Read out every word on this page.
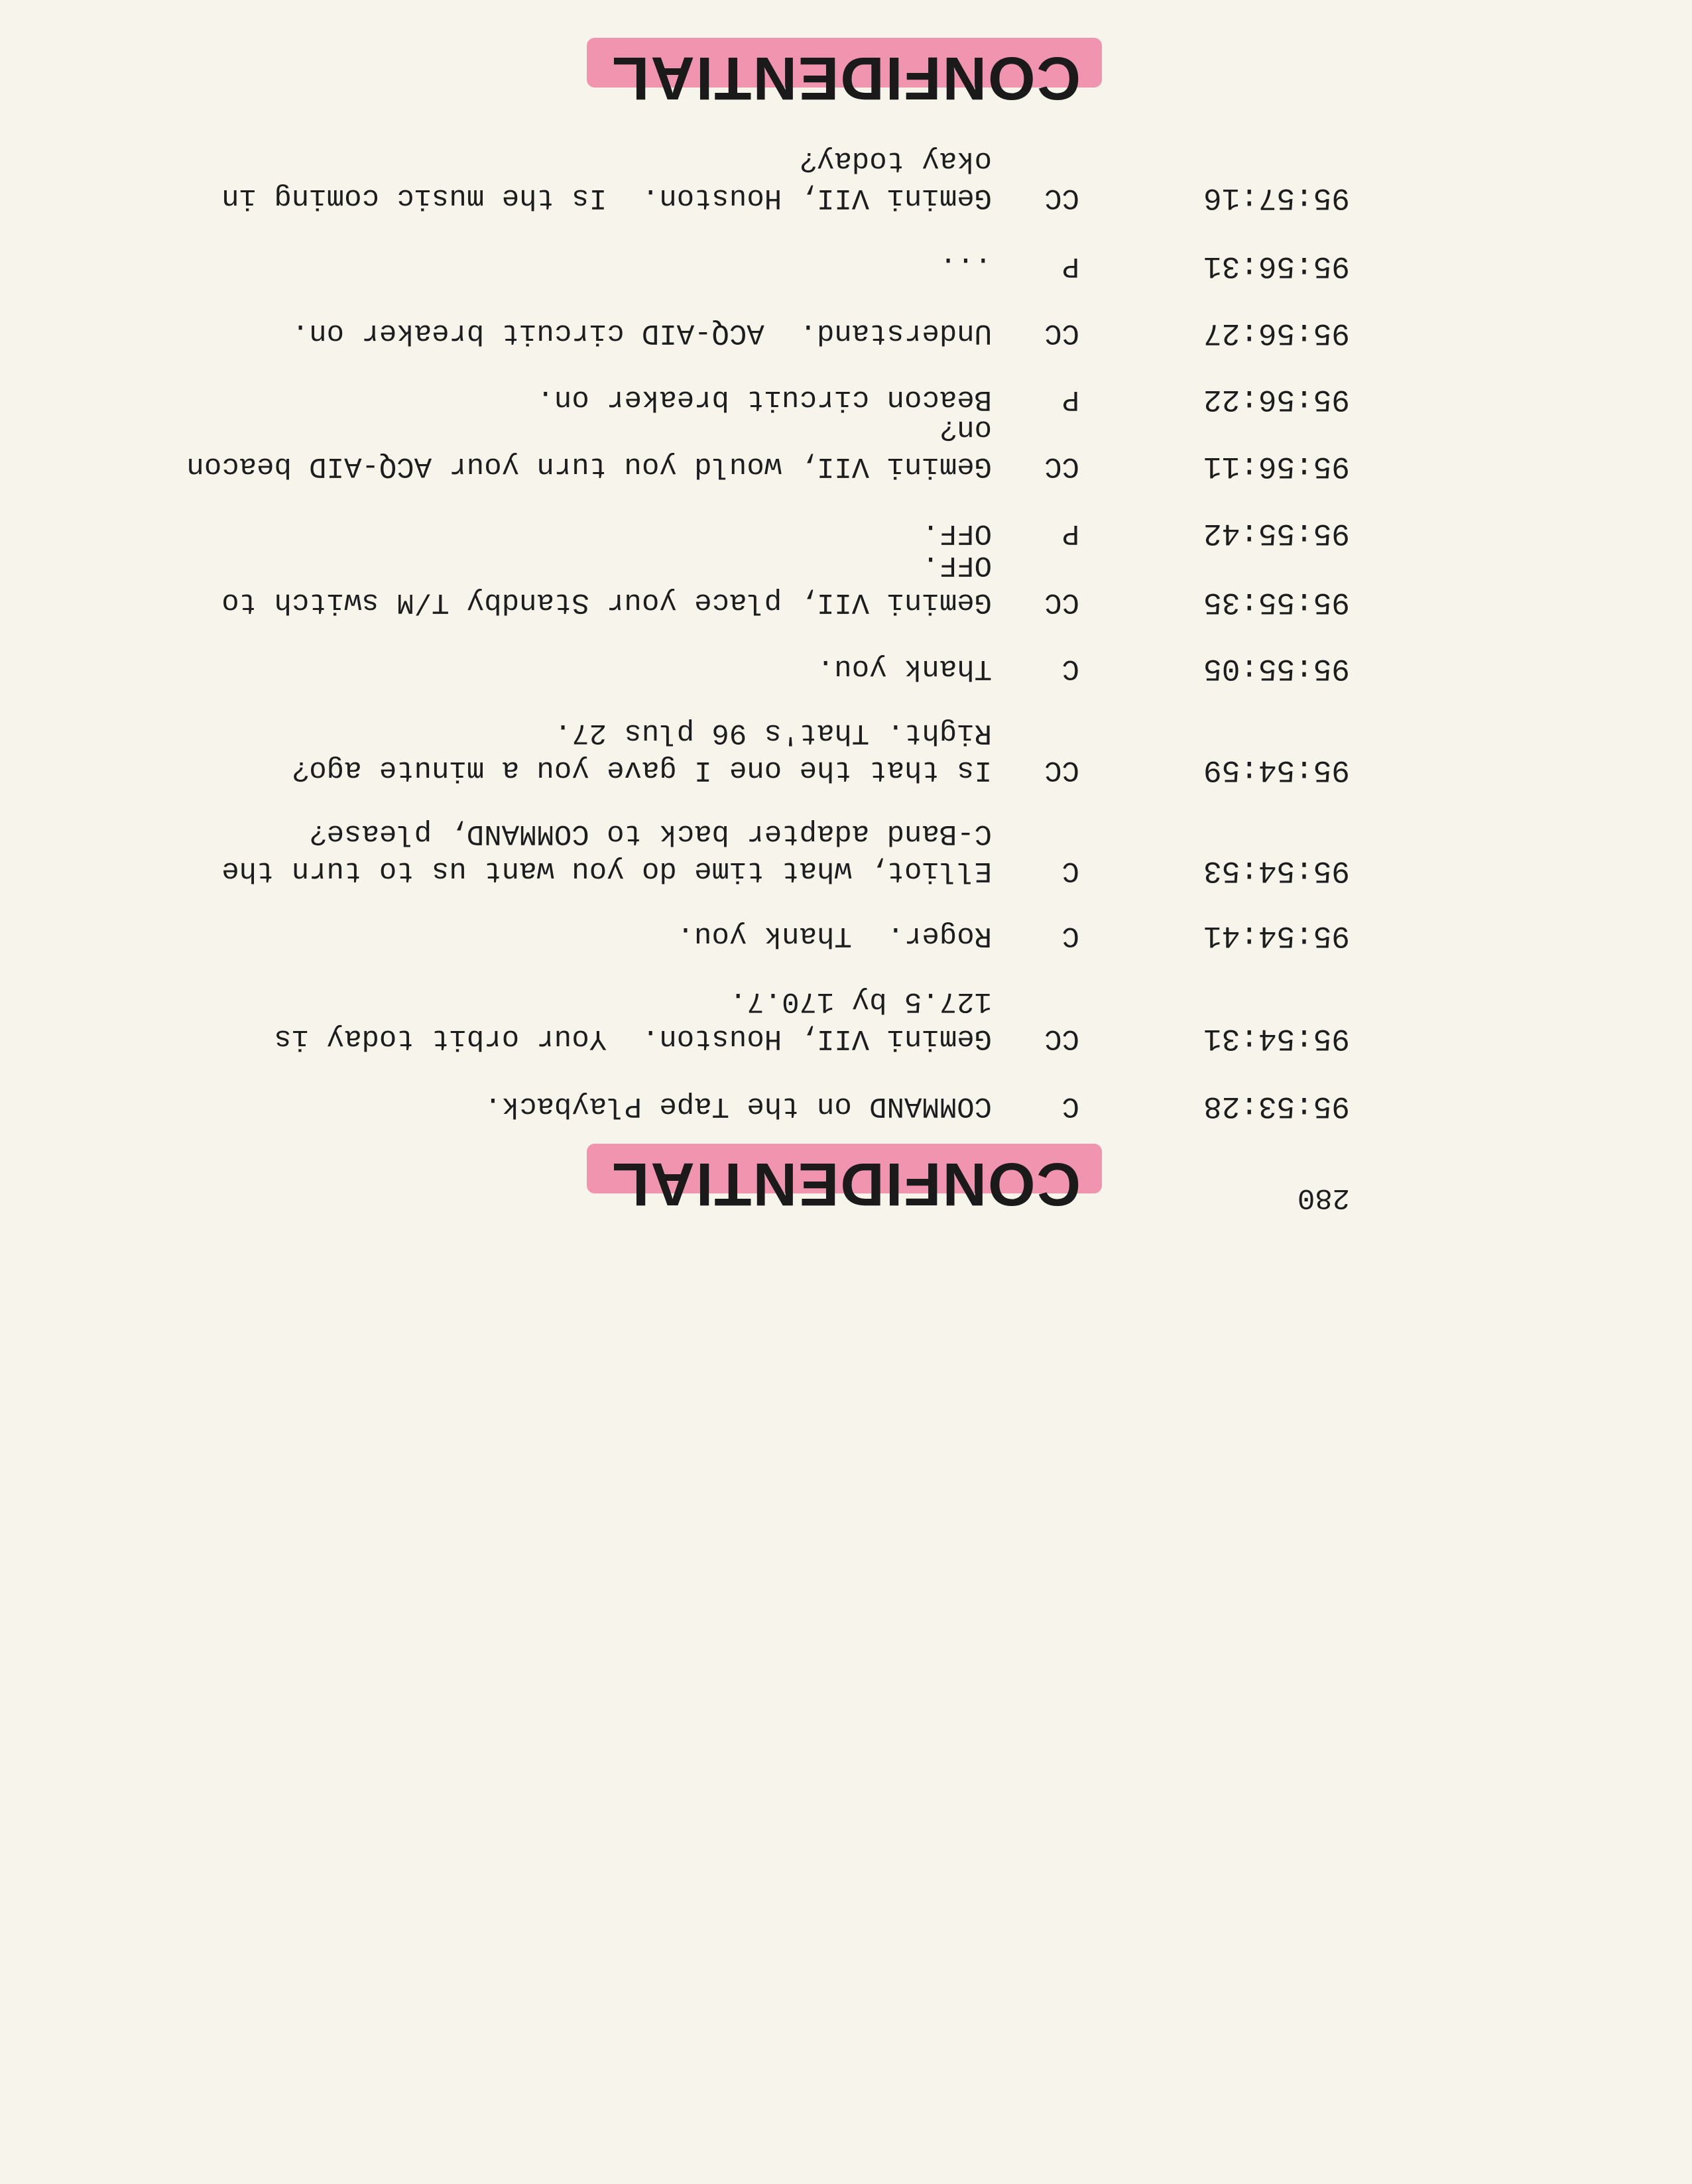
CONFIDENTIAL	280
95:53:28
C
COMMAND on the Tape Playback.
95:54:31
CC
Gemini VII, Houston.  Your orbit today is 127.5 by 170.7.
95:54:41
C
Roger.  Thank you.
95:54:53
C
Elliot, what time do you want us to turn the C-Band adapter back to COMMAND, please?
95:54:59
CC
Is that the one I gave you a minute ago?  Right. That's 96 plus 27.
95:55:05
C
Thank you.
95:55:35
CC
Gemini VII, place your Standby T/M switch to OFF.
95:55:42
P
OFF.
95:56:11
CC
Gemini VII, would you turn your ACQ-AID beacon on?
95:56:22
P
Beacon circuit breaker on.
95:56:27
CC
Understand.  ACQ-AID circuit breaker on.
95:56:31
P
...
95:57:16
CC
Gemini VII, Houston.  Is the music coming in okay today?
CONFIDENTIAL
